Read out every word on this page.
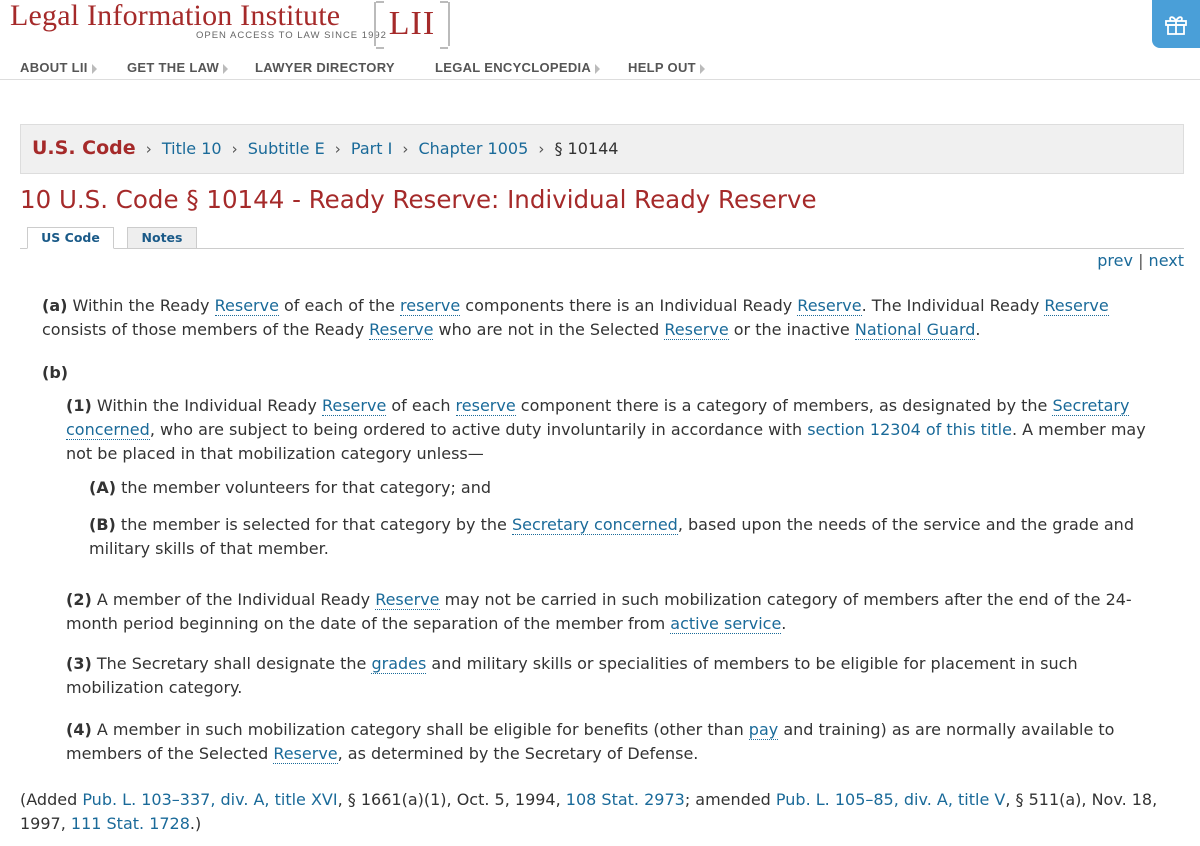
Legal Information Institute
OPEN ACCESS TO LAW SINCE 1992 LII
ABOUT LII	GET THE LAW	LAWYER DIRECTORY	LEGAL ENCYCLOPEDIA	HELP OUT
U.S. Code › Title 10 › Subtitle E › Part I › Chapter 1005 › § 10144
10 U.S. Code § 10144 - Ready Reserve: Individual Ready Reserve
US Code	Notes
prev | next

(a) Within the Ready Reserve of each of the reserve components there is an Individual Ready Reserve. The Individual Ready Reserve consists of those members of the Ready Reserve who are not in the Selected Reserve or the inactive National Guard.

(b)

(1) Within the Individual Ready Reserve of each reserve component there is a category of members, as designated by the Secretary concerned, who are subject to being ordered to active duty involuntarily in accordance with section 12304 of this title. A member may not be placed in that mobilization category unless—

(A) the member volunteers for that category; and

(B) the member is selected for that category by the Secretary concerned, based upon the needs of the service and the grade and military skills of that member.

(2) A member of the Individual Ready Reserve may not be carried in such mobilization category of members after the end of the 24-month period beginning on the date of the separation of the member from active service.

(3) The Secretary shall designate the grades and military skills or specialities of members to be eligible for placement in such mobilization category.

(4) A member in such mobilization category shall be eligible for benefits (other than pay and training) as are normally available to members of the Selected Reserve, as determined by the Secretary of Defense.

(Added Pub. L. 103–337, div. A, title XVI, § 1661(a)(1), Oct. 5, 1994, 108 Stat. 2973; amended Pub. L. 105–85, div. A, title V, § 511(a), Nov. 18, 1997, 111 Stat. 1728.)
